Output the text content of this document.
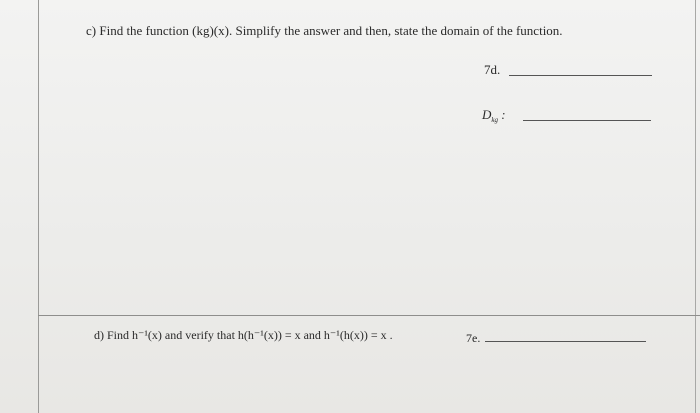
c) Find the function (kg)(x). Simplify the answer and then, state the domain of the function.
7d.
$D_{kg}$ :
d) Find h⁻¹(x) and verify that h(h⁻¹(x)) = x and h⁻¹(h(x)) = x .	7e.
